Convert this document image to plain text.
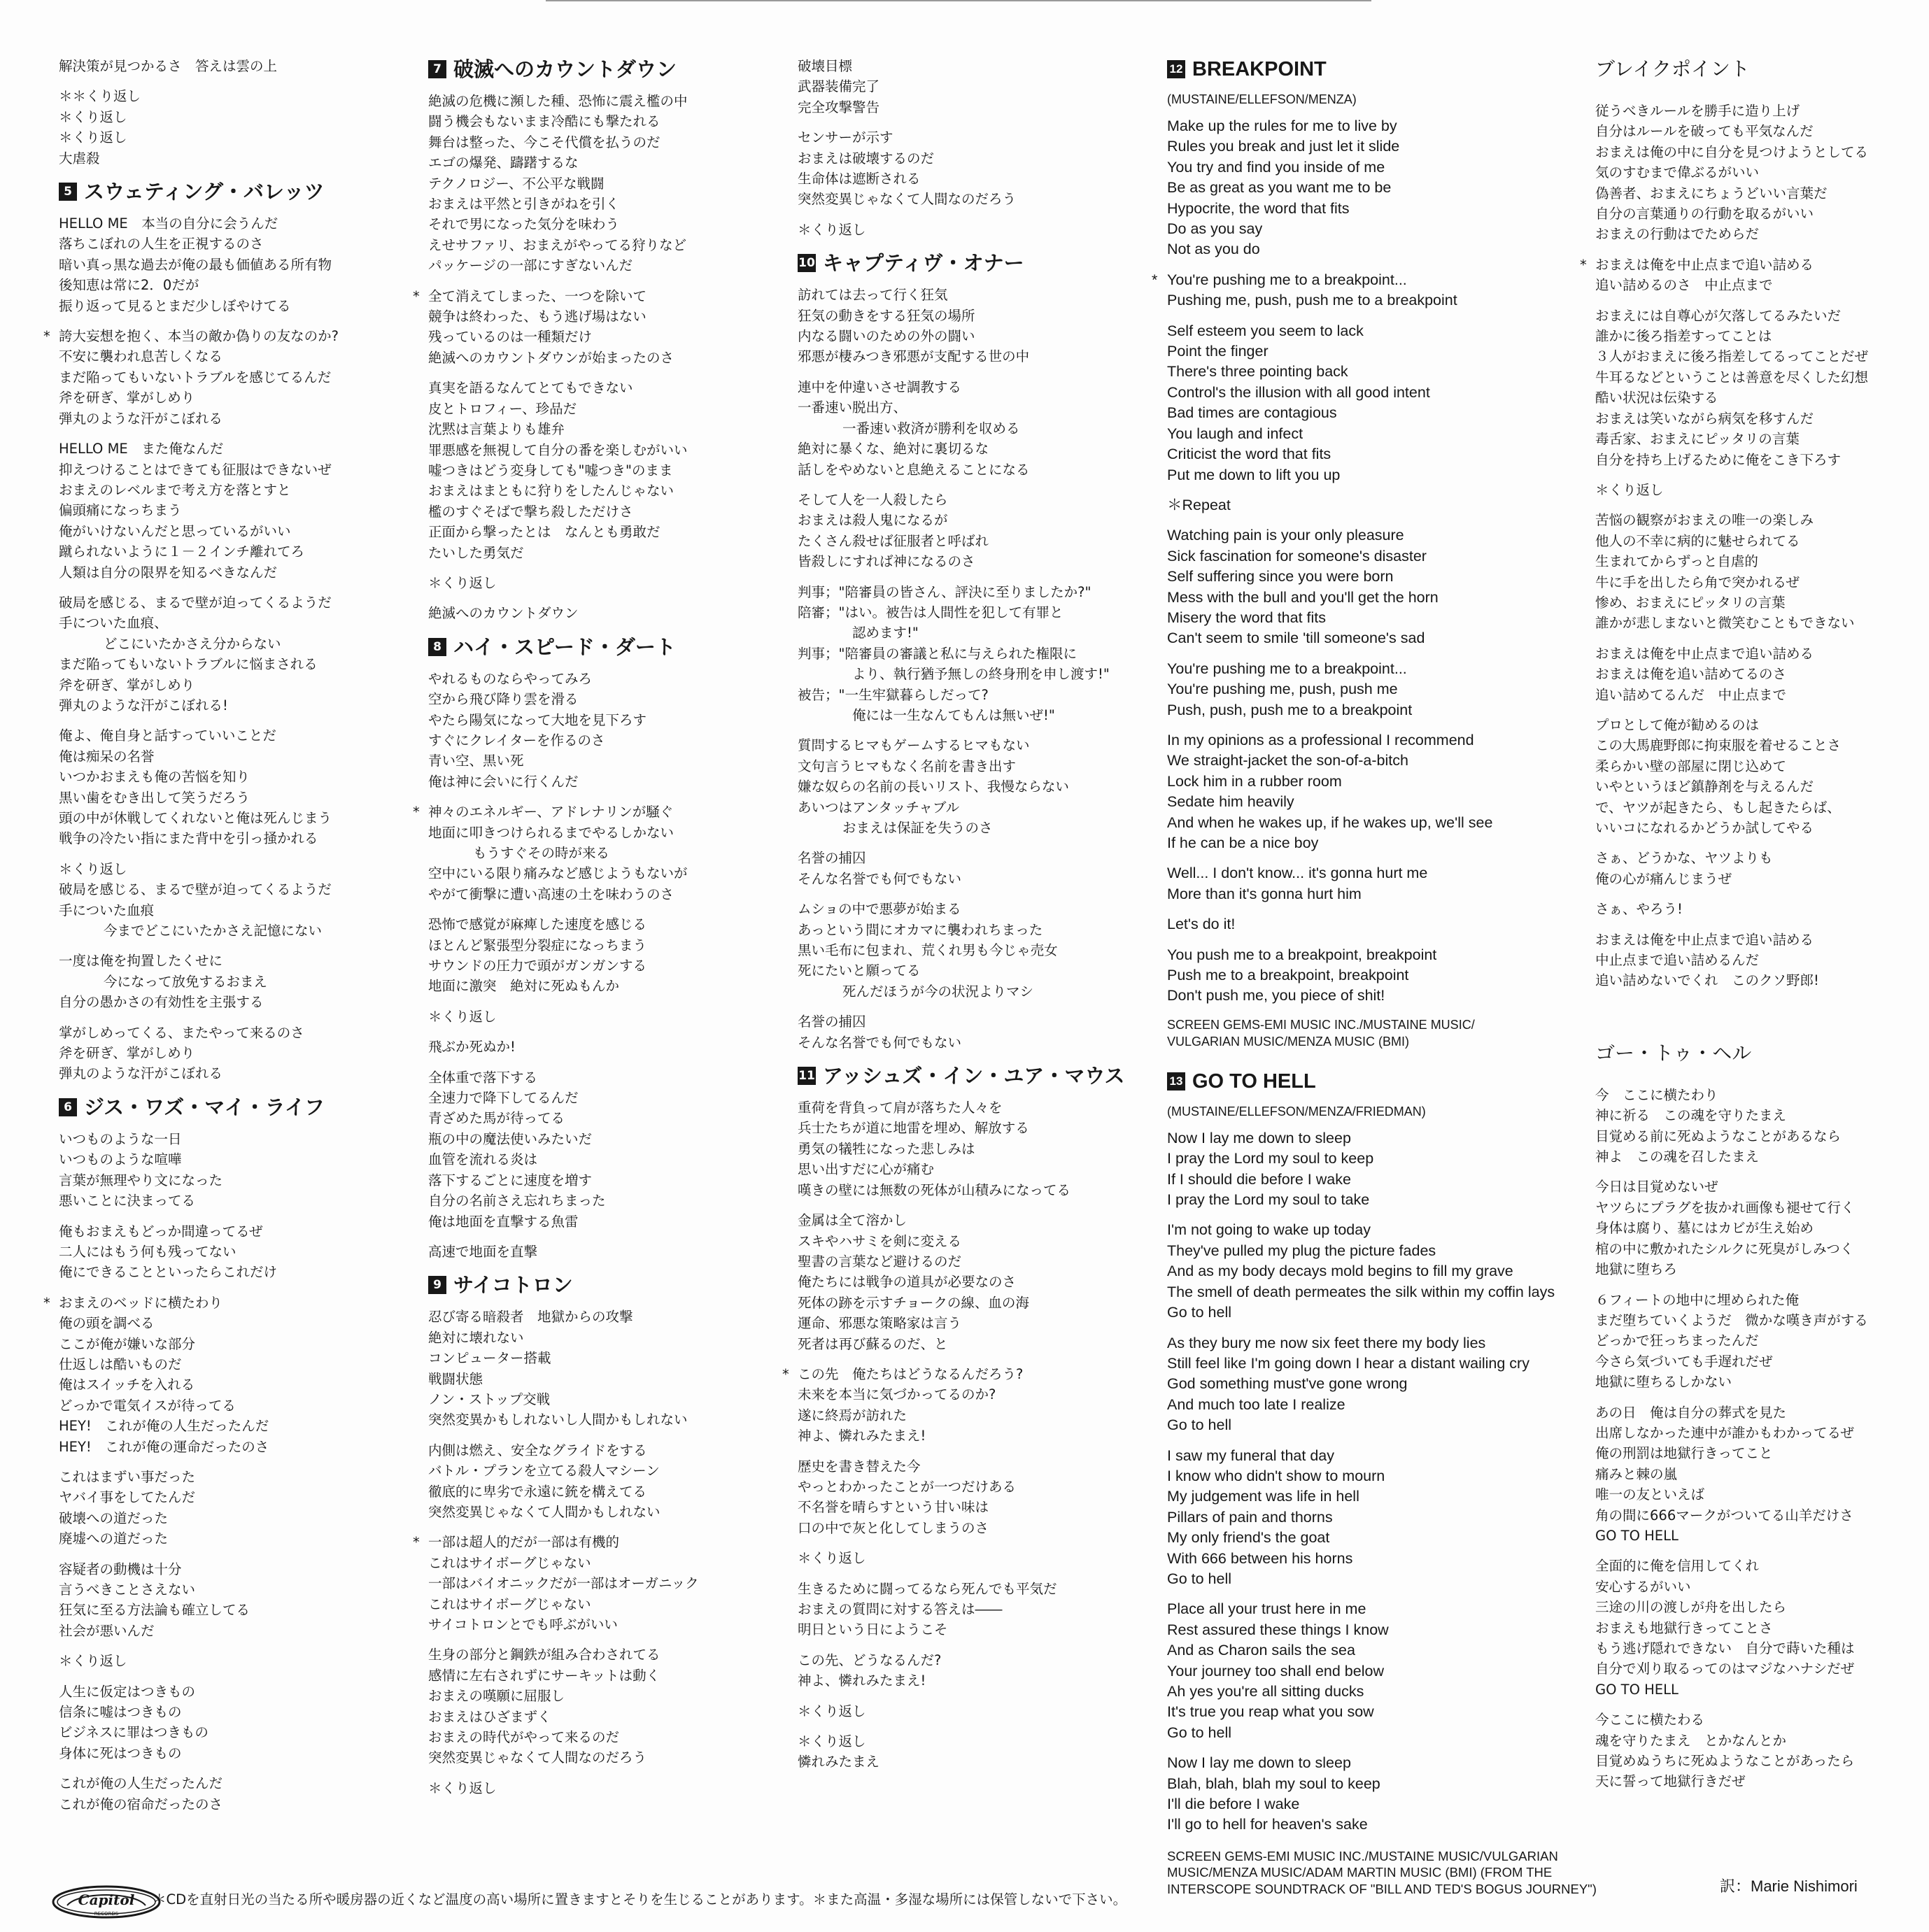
解決策が見つかるさ　答えは雲の上
＊＊くり返し
＊くり返し
＊くり返し
大虐殺
5 スウェティング・バレッツ
HELLO ME　本当の自分に会うんだ
落ちこぼれの人生を正視するのさ
暗い真っ黒な過去が俺の最も価値ある所有物
後知恵は常に2．0だが
振り返って見るとまだ少しぼやけてる
* 誇大妄想を抱く、本当の敵か偽りの友なのか?
不安に襲われ息苦しくなる
まだ陥ってもいないトラブルを感じてるんだ
斧を研ぎ、掌がしめり
弾丸のような汗がこぼれる
HELLO ME　また俺なんだ
抑えつけることはできても征服はできないぜ
おまえのレベルまで考え方を落とすと
偏頭痛になっちまう
俺がいけないんだと思っているがいい
蹴られないように１－２インチ離れてろ
人類は自分の限界を知るべきなんだ
破局を感じる、まるで壁が迫ってくるようだ
手についた血痕、
どこにいたかさえ分からない
まだ陥ってもいないトラブルに悩まされる
斧を研ぎ、掌がしめり
弾丸のような汗がこぼれる!
俺よ、俺自身と話すっていいことだ
俺は痴呆の名誉
いつかおまえも俺の苦悩を知り
黒い歯をむき出して笑うだろう
頭の中が休戦してくれないと俺は死んじまう
戦争の冷たい指にまた背中を引っ掻かれる
＊くり返し
破局を感じる、まるで壁が迫ってくるようだ
手についた血痕
今までどこにいたかさえ記憶にない
一度は俺を拘置したくせに
今になって放免するおまえ
自分の愚かさの有効性を主張する
掌がしめってくる、またやって来るのさ
斧を研ぎ、掌がしめり
弾丸のような汗がこぼれる
6 ジス・ワズ・マイ・ライフ
いつものような一日
いつものような喧嘩
言葉が無理やり文になった
悪いことに決まってる
俺もおまえもどっか間違ってるぜ
二人にはもう何も残ってない
俺にできることといったらこれだけ
* おまえのベッドに横たわり
俺の頭を調べる
ここが俺が嫌いな部分
仕返しは酷いものだ
俺はスイッチを入れる
どっかで電気イスが待ってる
HEY!　これが俺の人生だったんだ
HEY!　これが俺の運命だったのさ
これはまずい事だった
ヤバイ事をしてたんだ
破壊への道だった
廃墟への道だった
容疑者の動機は十分
言うべきことさえない
狂気に至る方法論も確立してる
社会が悪いんだ
＊くり返し
人生に仮定はつきもの
信条に嘘はつきもの
ビジネスに罪はつきもの
身体に死はつきもの
これが俺の人生だったんだ
これが俺の宿命だったのさ
7 破滅へのカウントダウン
絶滅の危機に瀕した種、恐怖に震え檻の中
闘う機会もないまま冷酷にも撃たれる
舞台は整った、今こそ代償を払うのだ
エゴの爆発、躊躇するな
テクノロジー、不公平な戦闘
おまえは平然と引きがねを引く
それで男になった気分を味わう
えせサファリ、おまえがやってる狩りなど
パッケージの一部にすぎないんだ
* 全て消えてしまった、一つを除いて
競争は終わった、もう逃げ場はない
残っているのは一種類だけ
絶滅へのカウントダウンが始まったのさ
真実を語るなんてとてもできない
皮とトロフィー、珍品だ
沈黙は言葉よりも雄弁
罪悪感を無視して自分の番を楽しむがいい
嘘つきはどう変身しても"嘘つき"のまま
おまえはまともに狩りをしたんじゃない
檻のすぐそばで撃ち殺しただけさ
正面から撃ったとは　なんとも勇敢だ
たいした勇気だ
＊くり返し
絶滅へのカウントダウン
8 ハイ・スピード・ダート
やれるものならやってみろ
空から飛び降り雲を滑る
やたら陽気になって大地を見下ろす
すぐにクレイターを作るのさ
青い空、黒い死
俺は神に会いに行くんだ
* 神々のエネルギー、アドレナリンが騒ぐ
地面に叩きつけられるまでやるしかない
もうすぐその時が来る
空中にいる限り痛みなど感じようもないが
やがて衝撃に遭い高速の土を味わうのさ
恐怖で感覚が麻痺した速度を感じる
ほとんど緊張型分裂症になっちまう
サウンドの圧力で頭がガンガンする
地面に激突　絶対に死ぬもんか
＊くり返し
飛ぶか死ぬか!
全体重で落下する
全速力で降下してるんだ
青ざめた馬が待ってる
瓶の中の魔法使いみたいだ
血管を流れる炎は
落下するごとに速度を増す
自分の名前さえ忘れちまった
俺は地面を直撃する魚雷
高速で地面を直撃
9 サイコトロン
忍び寄る暗殺者　地獄からの攻撃
絶対に壊れない
コンピューター搭載
戦闘状態
ノン・ストップ交戦
突然変異かもしれないし人間かもしれない
内側は燃え、安全なグライドをする
バトル・プランを立てる殺人マシーン
徹底的に卑劣で永遠に銃を構えてる
突然変異じゃなくて人間かもしれない
* 一部は超人的だが一部は有機的
これはサイボーグじゃない
一部はバイオニックだが一部はオーガニック
これはサイボーグじゃない
サイコトロンとでも呼ぶがいい
生身の部分と鋼鉄が組み合わされてる
感情に左右されずにサーキットは動く
おまえの嘆願に屈服し
おまえはひざまずく
おまえの時代がやって来るのだ
突然変異じゃなくて人間なのだろう
＊くり返し
破壊目標
武器装備完了
完全攻撃警告
センサーが示す
おまえは破壊するのだ
生命体は遮断される
突然変異じゃなくて人間なのだろう
＊くり返し
10 キャプティヴ・オナー
訪れては去って行く狂気
狂気の動きをする狂気の場所
内なる闘いのための外の闘い
邪悪が棲みつき邪悪が支配する世の中
連中を仲違いさせ調教する
一番速い脱出方、
一番速い救済が勝利を収める
絶対に暴くな、絶対に裏切るな
話しをやめないと息絶えることになる
そして人を一人殺したら
おまえは殺人鬼になるが
たくさん殺せば征服者と呼ばれ
皆殺しにすれば神になるのさ
判事；"陪審員の皆さん、評決に至りましたか?"
陪審；"はい。被告は人間性を犯して有罪と
　　　　認めます!"
判事；"陪審員の審議と私に与えられた権限に
　　　　より、執行猶予無しの終身刑を申し渡す!"
被告；"一生牢獄暮らしだって?
　　　　俺には一生なんてもんは無いぜ!"
質問するヒマもゲームするヒマもない
文句言うヒマもなく名前を書き出す
嫌な奴らの名前の長いリスト、我慢ならない
あいつはアンタッチャブル
おまえは保証を失うのさ
名誉の捕囚
そんな名誉でも何でもない
ムショの中で悪夢が始まる
あっという間にオカマに襲われちまった
黒い毛布に包まれ、荒くれ男も今じゃ売女
死にたいと願ってる
死んだほうが今の状況よりマシ
名誉の捕囚
そんな名誉でも何でもない
11 アッシュズ・イン・ユア・マウス
重荷を背負って肩が落ちた人々を
兵士たちが道に地雷を埋め、解放する
勇気の犠牲になった悲しみは
思い出すだに心が痛む
嘆きの壁には無数の死体が山積みになってる
金属は全て溶かし
スキやハサミを剣に変える
聖書の言葉など避けるのだ
俺たちには戦争の道具が必要なのさ
死体の跡を示すチョークの線、血の海
運命、邪悪な策略家は言う
死者は再び蘇るのだ、と
* この先　俺たちはどうなるんだろう?
未来を本当に気づかってるのか?
遂に終焉が訪れた
神よ、憐れみたまえ!
歴史を書き替えた今
やっとわかったことが一つだけある
不名誉を晴らすという甘い味は
口の中で灰と化してしまうのさ
＊くり返し
生きるために闘ってるなら死んでも平気だ
おまえの質問に対する答えは――
明日という日にようこそ
この先、どうなるんだ?
神よ、憐れみたまえ!
＊くり返し
＊くり返し
憐れみたまえ
12 BREAKPOINT
(MUSTAINE/ELLEFSON/MENZA)
Make up the rules for me to live by
Rules you break and just let it slide
You try and find you inside of me
Be as great as you want me to be
Hypocrite, the word that fits
Do as you say
Not as you do
* You're pushing me to a breakpoint...
Pushing me, push, push me to a breakpoint
Self esteem you seem to lack
Point the finger
There's three pointing back
Control's the illusion with all good intent
Bad times are contagious
You laugh and infect
Criticist the word that fits
Put me down to lift you up
＊Repeat
Watching pain is your only pleasure
Sick fascination for someone's disaster
Self suffering since you were born
Mess with the bull and you'll get the horn
Misery the word that fits
Can't seem to smile 'till someone's sad
You're pushing me to a breakpoint...
You're pushing me, push, push me
Push, push, push me to a breakpoint
In my opinions as a professional I recommend
We straight-jacket the son-of-a-bitch
Lock him in a rubber room
Sedate him heavily
And when he wakes up, if he wakes up, we'll see
If he can be a nice boy
Well... I don't know... it's gonna hurt me
More than it's gonna hurt him
Let's do it!
You push me to a breakpoint, breakpoint
Push me to a breakpoint, breakpoint
Don't push me, you piece of shit!
SCREEN GEMS-EMI MUSIC INC./MUSTAINE MUSIC/
VULGARIAN MUSIC/MENZA MUSIC (BMI)
13 GO TO HELL
(MUSTAINE/ELLEFSON/MENZA/FRIEDMAN)
Now I lay me down to sleep
I pray the Lord my soul to keep
If I should die before I wake
I pray the Lord my soul to take
I'm not going to wake up today
They've pulled my plug the picture fades
And as my body decays mold begins to fill my grave
The smell of death permeates the silk within my coffin lays
Go to hell
As they bury me now six feet there my body lies
Still feel like I'm going down I hear a distant wailing cry
God something must've gone wrong
And much too late I realize
Go to hell
I saw my funeral that day
I know who didn't show to mourn
My judgement was life in hell
Pillars of pain and thorns
My only friend's the goat
With 666 between his horns
Go to hell
Place all your trust here in me
Rest assured these things I know
And as Charon sails the sea
Your journey too shall end below
Ah yes you're all sitting ducks
It's true you reap what you sow
Go to hell
Now I lay me down to sleep
Blah, blah, blah my soul to keep
I'll die before I wake
I'll go to hell for heaven's sake
SCREEN GEMS-EMI MUSIC INC./MUSTAINE MUSIC/VULGARIAN
MUSIC/MENZA MUSIC/ADAM MARTIN MUSIC (BMI) (FROM THE
INTERSCOPE SOUNDTRACK OF "BILL AND TED'S BOGUS JOURNEY")
ブレイクポイント
従うべきルールを勝手に造り上げ
自分はルールを破っても平気なんだ
おまえは俺の中に自分を見つけようとしてる
気のすむまで偉ぶるがいい
偽善者、おまえにちょうどいい言葉だ
自分の言葉通りの行動を取るがいい
おまえの行動はでためらだ
* おまえは俺を中止点まで追い詰める
追い詰めるのさ　中止点まで
おまえには自尊心が欠落してるみたいだ
誰かに後ろ指差すってことは
３人がおまえに後ろ指差してるってことだぜ
牛耳るなどということは善意を尽くした幻想
酷い状況は伝染する
おまえは笑いながら病気を移すんだ
毒舌家、おまえにピッタリの言葉
自分を持ち上げるために俺をこき下ろす
＊くり返し
苦悩の観察がおまえの唯一の楽しみ
他人の不幸に病的に魅せられてる
生まれてからずっと自虐的
牛に手を出したら角で突かれるぜ
惨め、おまえにピッタリの言葉
誰かが悲しまないと微笑むこともできない
おまえは俺を中止点まで追い詰める
おまえは俺を追い詰めてるのさ
追い詰めてるんだ　中止点まで
プロとして俺が勧めるのは
この大馬鹿野郎に拘束服を着せることさ
柔らかい壁の部屋に閉じ込めて
いやというほど鎮静剤を与えるんだ
で、ヤツが起きたら、もし起きたらば、
いいコになれるかどうか試してやる
さぁ、どうかな、ヤツよりも
俺の心が痛んじまうぜ
さぁ、やろう!
おまえは俺を中止点まで追い詰める
中止点まで追い詰めるんだ
追い詰めないでくれ　このクソ野郎!
ゴー・トゥ・ヘル
今　ここに横たわり
神に祈る　この魂を守りたまえ
目覚める前に死ぬようなことがあるなら
神よ　この魂を召したまえ
今日は目覚めないぜ
ヤツらにプラグを抜かれ画像も褪せて行く
身体は腐り、墓にはカビが生え始め
棺の中に敷かれたシルクに死臭がしみつく
地獄に堕ちろ
６フィートの地中に埋められた俺
まだ堕ちていくようだ　微かな嘆き声がする
どっかで狂っちまったんだ
今さら気づいても手遅れだぜ
地獄に堕ちるしかない
あの日　俺は自分の葬式を見た
出席しなかった連中が誰かもわかってるぜ
俺の刑罰は地獄行きってこと
痛みと棘の嵐
唯一の友といえば
角の間に666マークがついてる山羊だけさ
GO TO HELL
全面的に俺を信用してくれ
安心するがいい
三途の川の渡しが舟を出したら
おまえも地獄行きってことさ
もう逃げ隠れできない　自分で蒔いた種は
自分で刈り取るってのはマジなハナシだぜ
GO TO HELL
今ここに横たわる
魂を守りたまえ　とかなんとか
目覚めぬうちに死ぬようなことがあったら
天に誓って地獄行きだぜ
Capitol
RECORDS
＊CDを直射日光の当たる所や暖房器の近くなど温度の高い場所に置きますとそりを生じることがあります。＊また高温・多湿な場所には保管しないで下さい。
訳：Marie Nishimori
